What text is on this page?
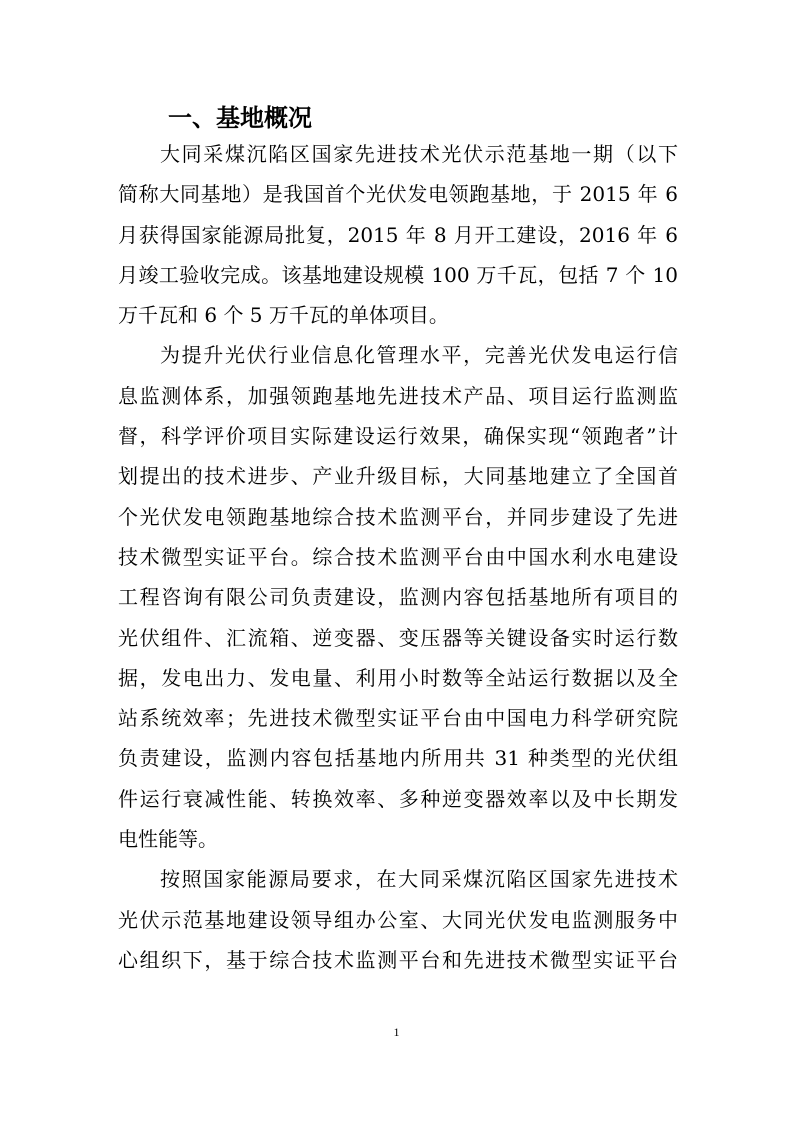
一、基地概况

大同采煤沉陷区国家先进技术光伏示范基地一期（以下
简称大同基地）是我国首个光伏发电领跑基地，于 2015 年 6
月获得国家能源局批复，2015 年 8 月开工建设，2016 年 6
月竣工验收完成。该基地建设规模 100 万千瓦，包括 7 个 10
万千瓦和 6 个 5 万千瓦的单体项目。

为提升光伏行业信息化管理水平，完善光伏发电运行信
息监测体系，加强领跑基地先进技术产品、项目运行监测监
督，科学评价项目实际建设运行效果，确保实现“领跑者”计
划提出的技术进步、产业升级目标，大同基地建立了全国首
个光伏发电领跑基地综合技术监测平台，并同步建设了先进
技术微型实证平台。综合技术监测平台由中国水利水电建设
工程咨询有限公司负责建设，监测内容包括基地所有项目的
光伏组件、汇流箱、逆变器、变压器等关键设备实时运行数
据，发电出力、发电量、利用小时数等全站运行数据以及全
站系统效率；先进技术微型实证平台由中国电力科学研究院
负责建设，监测内容包括基地内所用共 31 种类型的光伏组
件运行衰减性能、转换效率、多种逆变器效率以及中长期发
电性能等。

按照国家能源局要求，在大同采煤沉陷区国家先进技术
光伏示范基地建设领导组办公室、大同光伏发电监测服务中
心组织下，基于综合技术监测平台和先进技术微型实证平台

1
